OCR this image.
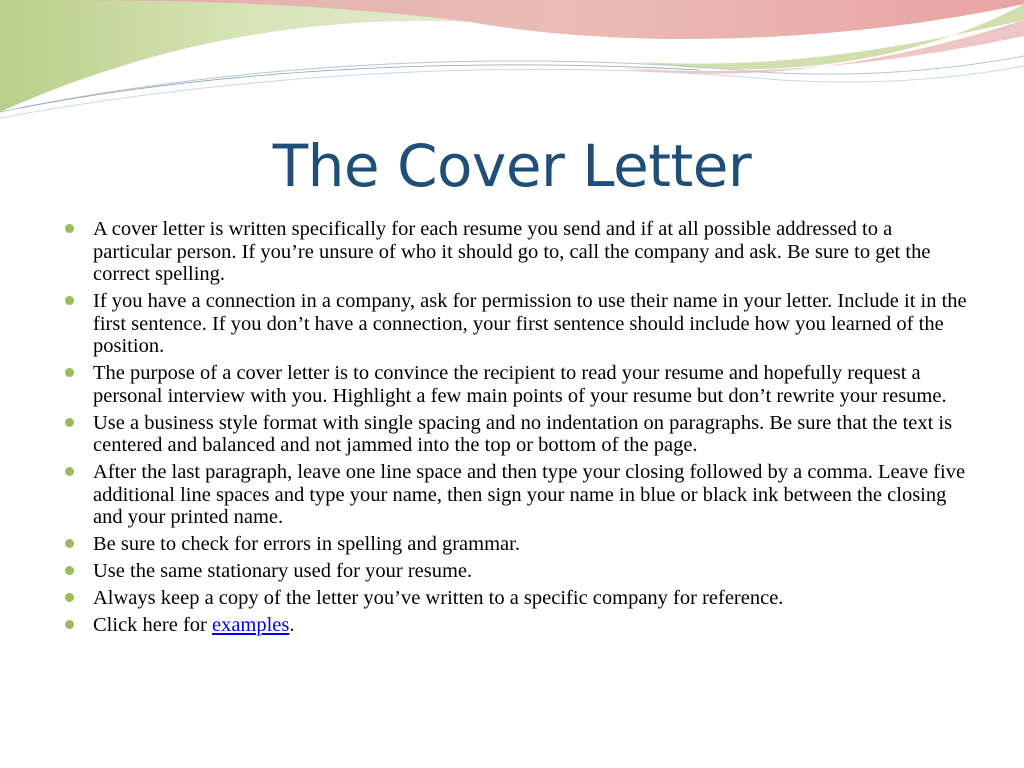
The Cover Letter
A cover letter is written specifically for each resume you send and if at all possible addressed to a particular person. If you’re unsure of who it should go to, call the company and ask. Be sure to get the correct spelling.
If you have a connection in a company, ask for permission to use their name in your letter. Include it in the first sentence. If you don’t have a connection, your first sentence should include how you learned of the position.
The purpose of a cover letter is to convince the recipient to read your resume and hopefully request a personal interview with you. Highlight a few main points of your resume but don’t rewrite your resume.
Use a business style format with single spacing and no indentation on paragraphs. Be sure that the text is centered and balanced and not jammed into the top or bottom of the page.
After the last paragraph, leave one line space and then type your closing followed by a comma. Leave five additional line spaces and type your name, then sign your name in blue or black ink between the closing and your printed name.
Be sure to check for errors in spelling and grammar.
Use the same stationary used for your resume.
Always keep a copy of the letter you’ve written to a specific company for reference.
Click here for examples.
